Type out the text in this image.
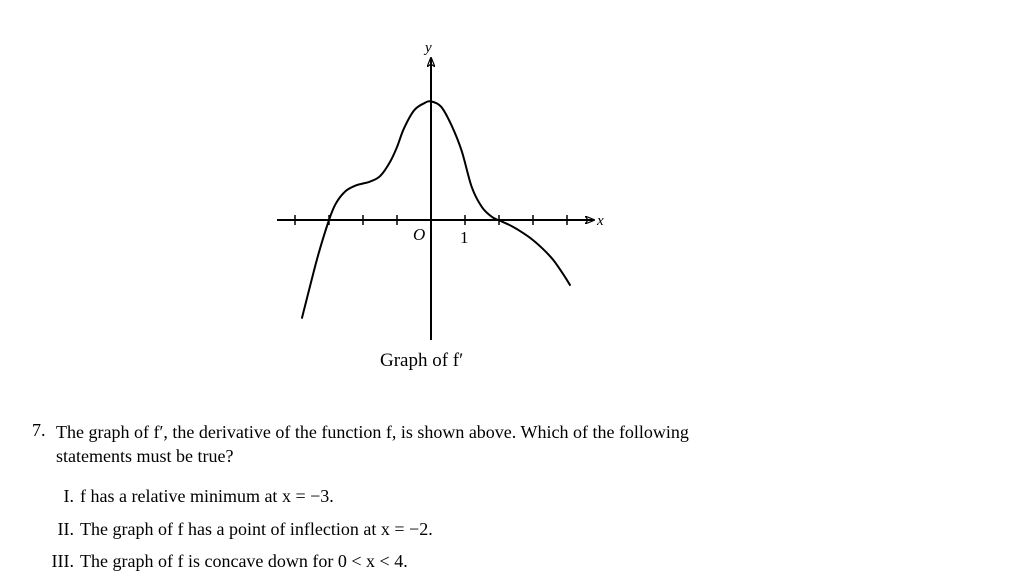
y
x
O 1
Graph of f′
7. The graph of f′, the derivative of the function f, is shown above. Which of the following
statements must be true?
I. f has a relative minimum at x = −3.
II. The graph of f has a point of inflection at x = −2.
III. The graph of f is concave down for 0 < x < 4.
